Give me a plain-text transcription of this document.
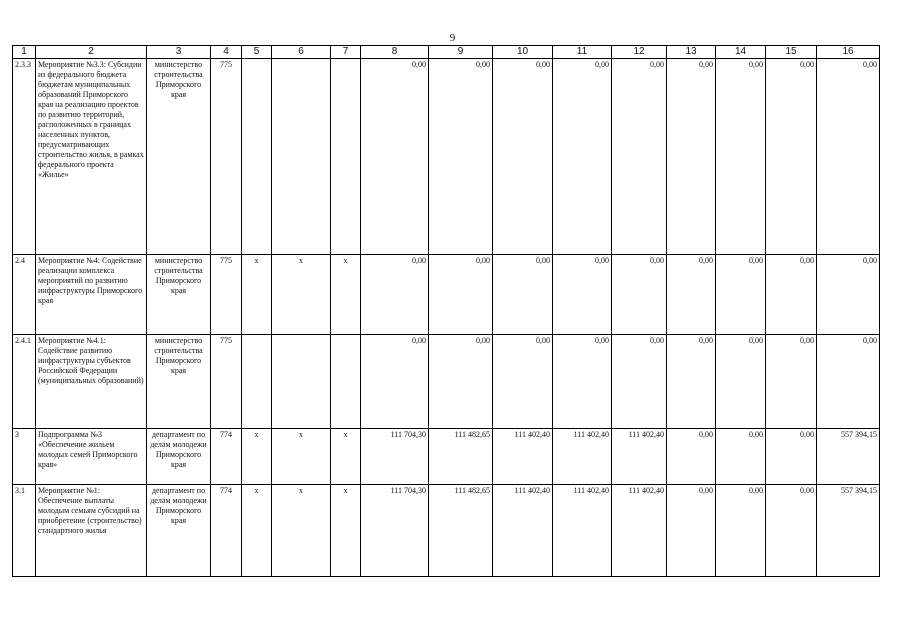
9
1	2	3	4	5	6	7	8	9	10	11	12	13	14	15	16
2.3.3	Мероприятие №3.3: Субсидии из федерального бюджета бюджетам муниципальных образований Приморского края на реализацию проектов по развитию территорий, расположенных в границах населенных пунктов, предусматривающих строительство жилья, в рамках федерального проекта «Жилье»	министерство строительства Приморского края	775				0,00	0,00	0,00	0,00	0,00	0,00	0,00	0,00	0,00
2.4	Мероприятие №4: Содействие реализации комплекса мероприятий по развитию инфраструктуры Приморского края	министерство строительства Приморского края	775	х	х	х	0,00	0,00	0,00	0,00	0,00	0,00	0,00	0,00	0,00
2.4.1	Мероприятие №4.1: Содействие развитию инфраструктуры субъектов Российской Федерации (муниципальных образований)	министерство строительства Приморского края	775				0,00	0,00	0,00	0,00	0,00	0,00	0,00	0,00	0,00
3	Подпрограмма №3 «Обеспечение жильем молодых семей Приморского края»	департамент по делам молодежи Приморского края	774	х	х	х	111 704,30	111 482,65	111 402,40	111 402,40	111 402,40	0,00	0,00	0,00	557 394,15
3.1	Мероприятие №1: Обеспечение выплаты молодым семьям субсидий на приобретение (строительство) стандартного жилья	департамент по делам молодежи Приморского края	774	х	х	х	111 704,30	111 482,65	111 402,40	111 402,40	111 402,40	0,00	0,00	0,00	557 394,15
